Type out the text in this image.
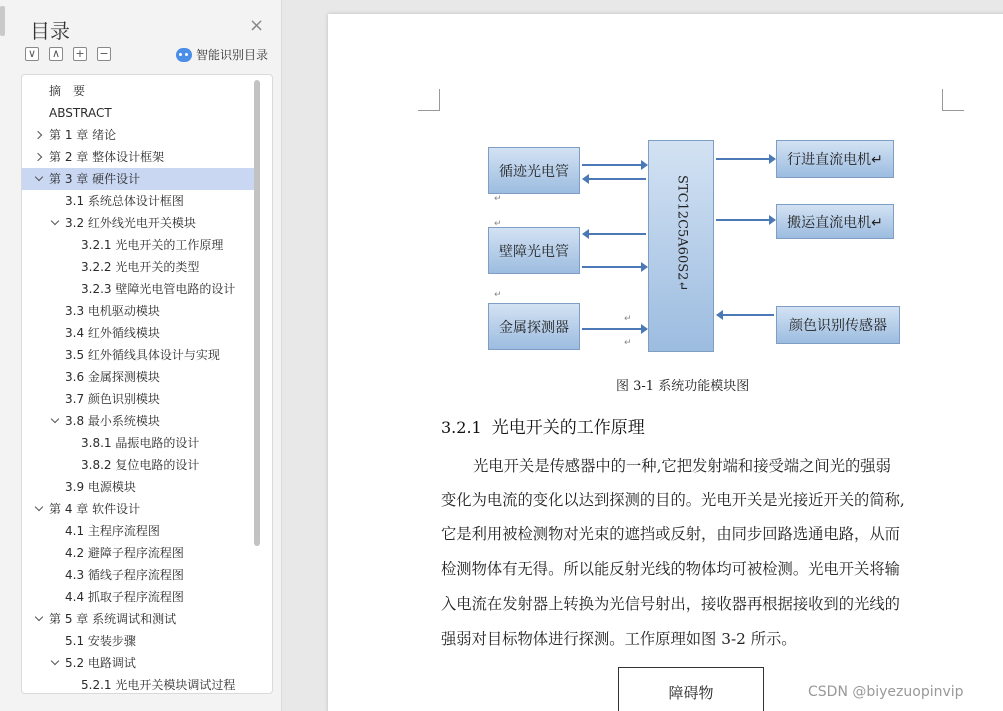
目录	×
∨ ∧ + −	智能识别目录
摘　要
ABSTRACT
第 1 章 绪论
第 2 章 整体设计框架
第 3 章 硬件设计
3.1 系统总体设计框图
3.2 红外线光电开关模块
3.2.1 光电开关的工作原理
3.2.2 光电开关的类型
3.2.3 壁障光电管电路的设计
3.3 电机驱动模块
3.4 红外循线模块
3.5 红外循线具体设计与实现
3.6 金属探测模块
3.7 颜色识别模块
3.8 最小系统模块
3.8.1 晶振电路的设计
3.8.2 复位电路的设计
3.9 电源模块
第 4 章 软件设计
4.1 主程序流程图
4.2 避障子程序流程图
4.3 循线子程序流程图
4.4 抓取子程序流程图
第 5 章 系统调试和测试
5.1 安装步骤
5.2 电路调试
5.2.1 光电开关模块调试过程
循迹光电管
壁障光电管
金属探测器
STC12C5A60S2↵
行进直流电机↵
搬运直流电机↵
颜色识别传感器
↵
↵
↵
↵
↵
图 3-1 系统功能模块图
3.2.1 光电开关的工作原理
光电开关是传感器中的一种,它把发射端和接受端之间光的强弱
变化为电流的变化以达到探测的目的。光电开关是光接近开关的简称,
它是利用被检测物对光束的遮挡或反射，由同步回路选通电路，从而
检测物体有无得。所以能反射光线的物体均可被检测。光电开关将输
入电流在发射器上转换为光信号射出，接收器再根据接收到的光线的
强弱对目标物体进行探测。工作原理如图 3-2 所示。
障碍物	CSDN @biyezuopinvip
